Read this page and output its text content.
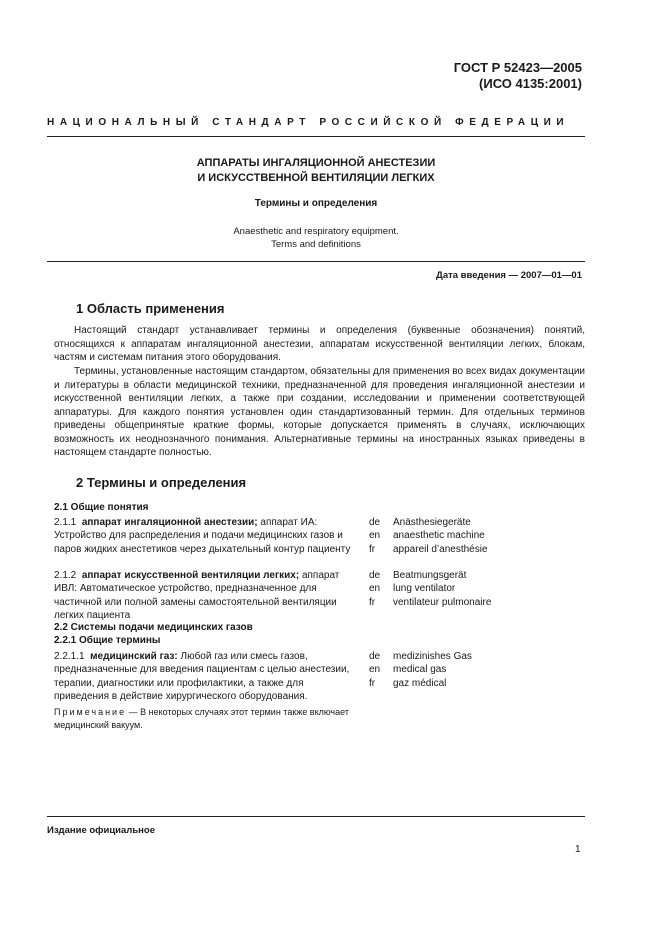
ГОСТ Р 52423—2005
(ИСО 4135:2001)
НАЦИОНАЛЬНЫЙ СТАНДАРТ РОССИЙСКОЙ ФЕДЕРАЦИИ
АППАРАТЫ ИНГАЛЯЦИОННОЙ АНЕСТЕЗИИ
И ИСКУССТВЕННОЙ ВЕНТИЛЯЦИИ ЛЕГКИХ
Термины и определения
Anaesthetic and respiratory equipment.
Terms and definitions
Дата введения — 2007—01—01
1 Область применения
Настоящий стандарт устанавливает термины и определения (буквенные обозначения) понятий, относящихся к аппаратам ингаляционной анестезии, аппаратам искусственной вентиляции легких, блокам, частям и системам питания этого оборудования.
Термины, установленные настоящим стандартом, обязательны для применения во всех видах документации и литературы в области медицинской техники, предназначенной для проведения ингаляционной анестезии и искусственной вентиляции легких, а также при создании, исследовании и применении соответствующей аппаратуры. Для каждого понятия установлен один стандартизованный термин. Для отдельных терминов приведены общепринятые краткие формы, которые допускается применять в случаях, исключающих возможность их неоднозначного понимания. Альтернативные термины на иностранных языках приведены в настоящем стандарте полностью.
2 Термины и определения
2.1 Общие понятия
2.1.1 аппарат ингаляционной анестезии; аппарат ИА: Устройство для распределения и подачи медицинских газов и паров жидких анестетиков через дыхательный контур пациенту
de
en
fr
Anästhesiegeräte
anaesthetic machine
appareil d’anesthésie
2.1.2 аппарат искусственной вентиляции легких; аппарат ИВЛ: Автоматическое устройство, предназначенное для частичной или полной замены самостоятельной вентиляции легких пациента
de
en
fr
Beatmungsgerät
lung ventilator
ventilateur pulmonaire
2.2 Системы подачи медицинских газов
2.2.1 Общие термины
2.2.1.1 медицинский газ: Любой газ или смесь газов, предназначенные для введения пациентам с целью анестезии, терапии, диагностики или профилактики, а также для приведения в действие хирургического оборудования.
de
en
fr
medizinishes Gas
medical gas
gaz médical
Примечание — В некоторых случаях этот термин также включает медицинский вакуум.
Издание официальное
1
